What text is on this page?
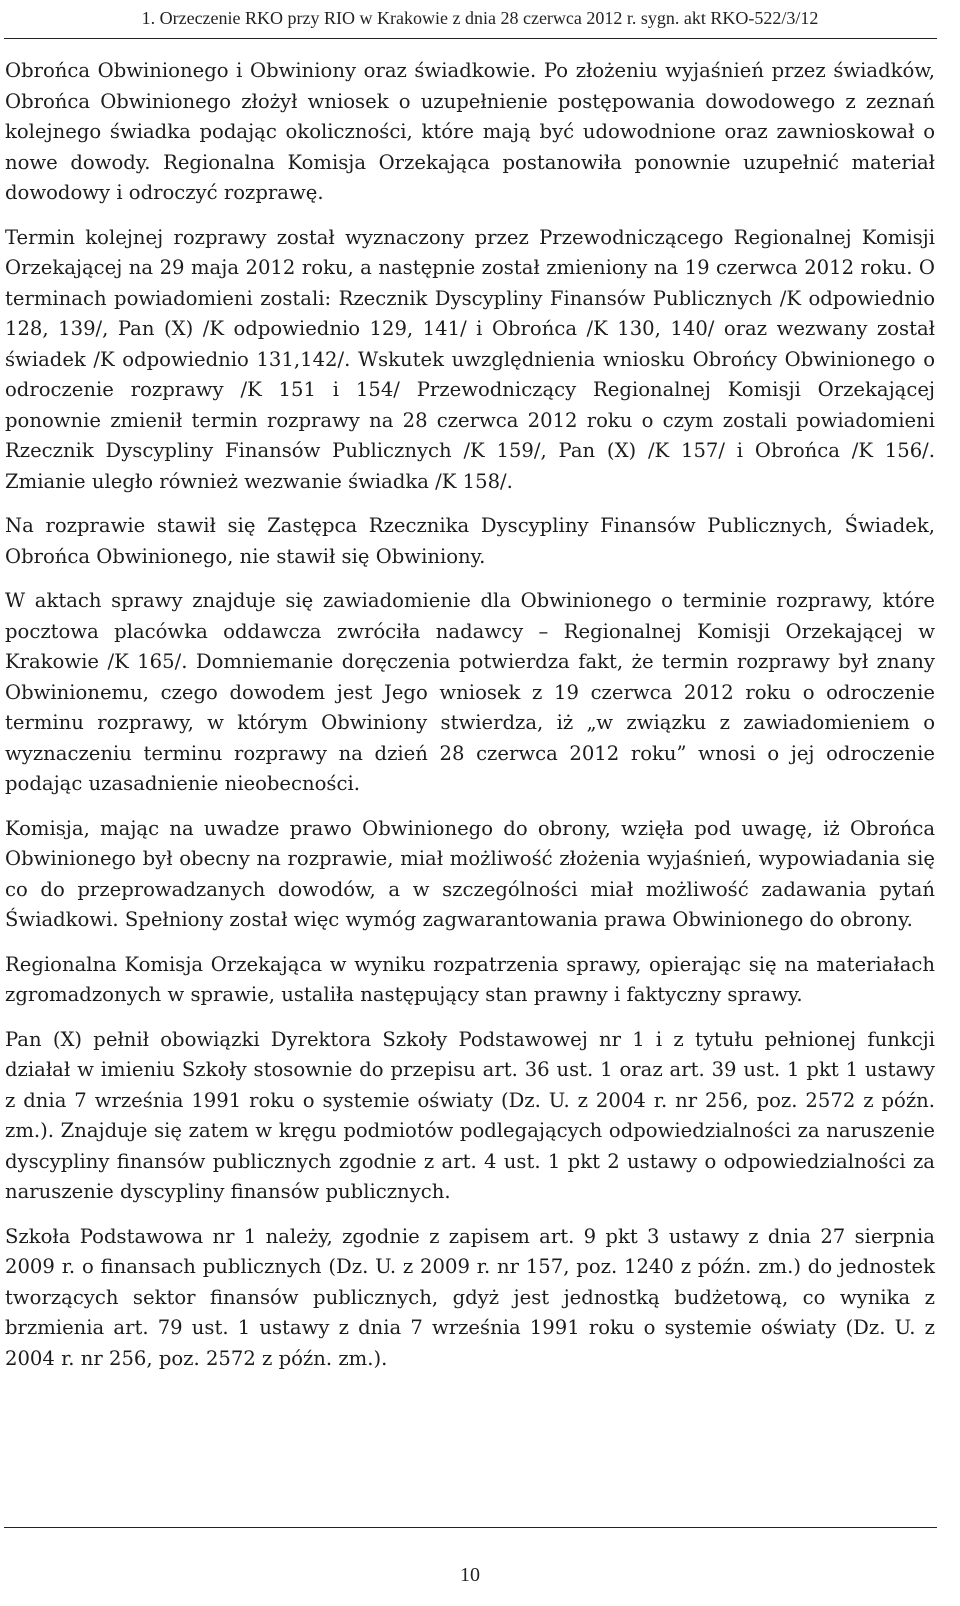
1. Orzeczenie RKO przy RIO w Krakowie z dnia 28 czerwca 2012 r. sygn. akt RKO-522/3/12

Obrońca Obwinionego i Obwiniony oraz świadkowie. Po złożeniu wyjaśnień przez świadków, Obrońca Obwinionego złożył wniosek o uzupełnienie postępowania dowodowego z zeznań kolejnego świadka podając okoliczności, które mają być udowodnione oraz zawnioskował o nowe dowody. Regionalna Komisja Orzekająca postanowiła ponownie uzupełnić materiał dowodowy i odroczyć rozprawę.

Termin kolejnej rozprawy został wyznaczony przez Przewodniczącego Regionalnej Komisji Orzekającej na 29 maja 2012 roku, a następnie został zmieniony na 19 czerwca 2012 roku. O terminach powiadomieni zostali: Rzecznik Dyscypliny Finansów Publicznych /K odpowiednio 128, 139/, Pan (X) /K odpowiednio 129, 141/ i Obrońca /K 130, 140/ oraz wezwany został świadek /K odpowiednio 131,142/. Wskutek uwzględnienia wniosku Obrońcy Obwinionego o odroczenie rozprawy /K 151 i 154/ Przewodniczący Regionalnej Komisji Orzekającej ponownie zmienił termin rozprawy na 28 czerwca 2012 roku o czym zostali powiadomieni Rzecznik Dyscypliny Finansów Publicznych /K 159/, Pan (X) /K 157/ i Obrońca /K 156/. Zmianie uległo również wezwanie świadka /K 158/.

Na rozprawie stawił się Zastępca Rzecznika Dyscypliny Finansów Publicznych, Świadek, Obrońca Obwinionego, nie stawił się Obwiniony.

W aktach sprawy znajduje się zawiadomienie dla Obwinionego o terminie rozprawy, które pocztowa placówka oddawcza zwróciła nadawcy – Regionalnej Komisji Orzekającej w Krakowie /K 165/. Domniemanie doręczenia potwierdza fakt, że termin rozprawy był znany Obwinionemu, czego dowodem jest Jego wniosek z 19 czerwca 2012 roku o odroczenie terminu rozprawy, w którym Obwiniony stwierdza, iż „w związku z zawiadomieniem o wyznaczeniu terminu rozprawy na dzień 28 czerwca 2012 roku” wnosi o jej odroczenie podając uzasadnienie nieobecności.

Komisja, mając na uwadze prawo Obwinionego do obrony, wzięła pod uwagę, iż Obrońca Obwinionego był obecny na rozprawie, miał możliwość złożenia wyjaśnień, wypowiadania się co do przeprowadzanych dowodów, a w szczególności miał możliwość zadawania pytań Świadkowi. Spełniony został więc wymóg zagwarantowania prawa Obwinionego do obrony.

Regionalna Komisja Orzekająca w wyniku rozpatrzenia sprawy, opierając się na materiałach zgromadzonych w sprawie, ustaliła następujący stan prawny i faktyczny sprawy.

Pan (X) pełnił obowiązki Dyrektora Szkoły Podstawowej nr 1 i z tytułu pełnionej funkcji działał w imieniu Szkoły stosownie do przepisu art. 36 ust. 1 oraz art. 39 ust. 1 pkt 1 ustawy z dnia 7 września 1991 roku o systemie oświaty (Dz. U. z 2004 r. nr 256, poz. 2572 z późn. zm.). Znajduje się zatem w kręgu podmiotów podlegających odpowiedzialności za naruszenie dyscypliny finansów publicznych zgodnie z art. 4 ust. 1 pkt 2 ustawy o odpowiedzialności za naruszenie dyscypliny finansów publicznych.

Szkoła Podstawowa nr 1 należy, zgodnie z zapisem art. 9 pkt 3 ustawy z dnia 27 sierpnia 2009 r. o finansach publicznych (Dz. U. z 2009 r. nr 157, poz. 1240 z późn. zm.) do jednostek tworzących sektor finansów publicznych, gdyż jest jednostką budżetową, co wynika z brzmienia art. 79 ust. 1 ustawy z dnia 7 września 1991 roku o systemie oświaty (Dz. U. z 2004 r. nr 256, poz. 2572 z późn. zm.).

10
